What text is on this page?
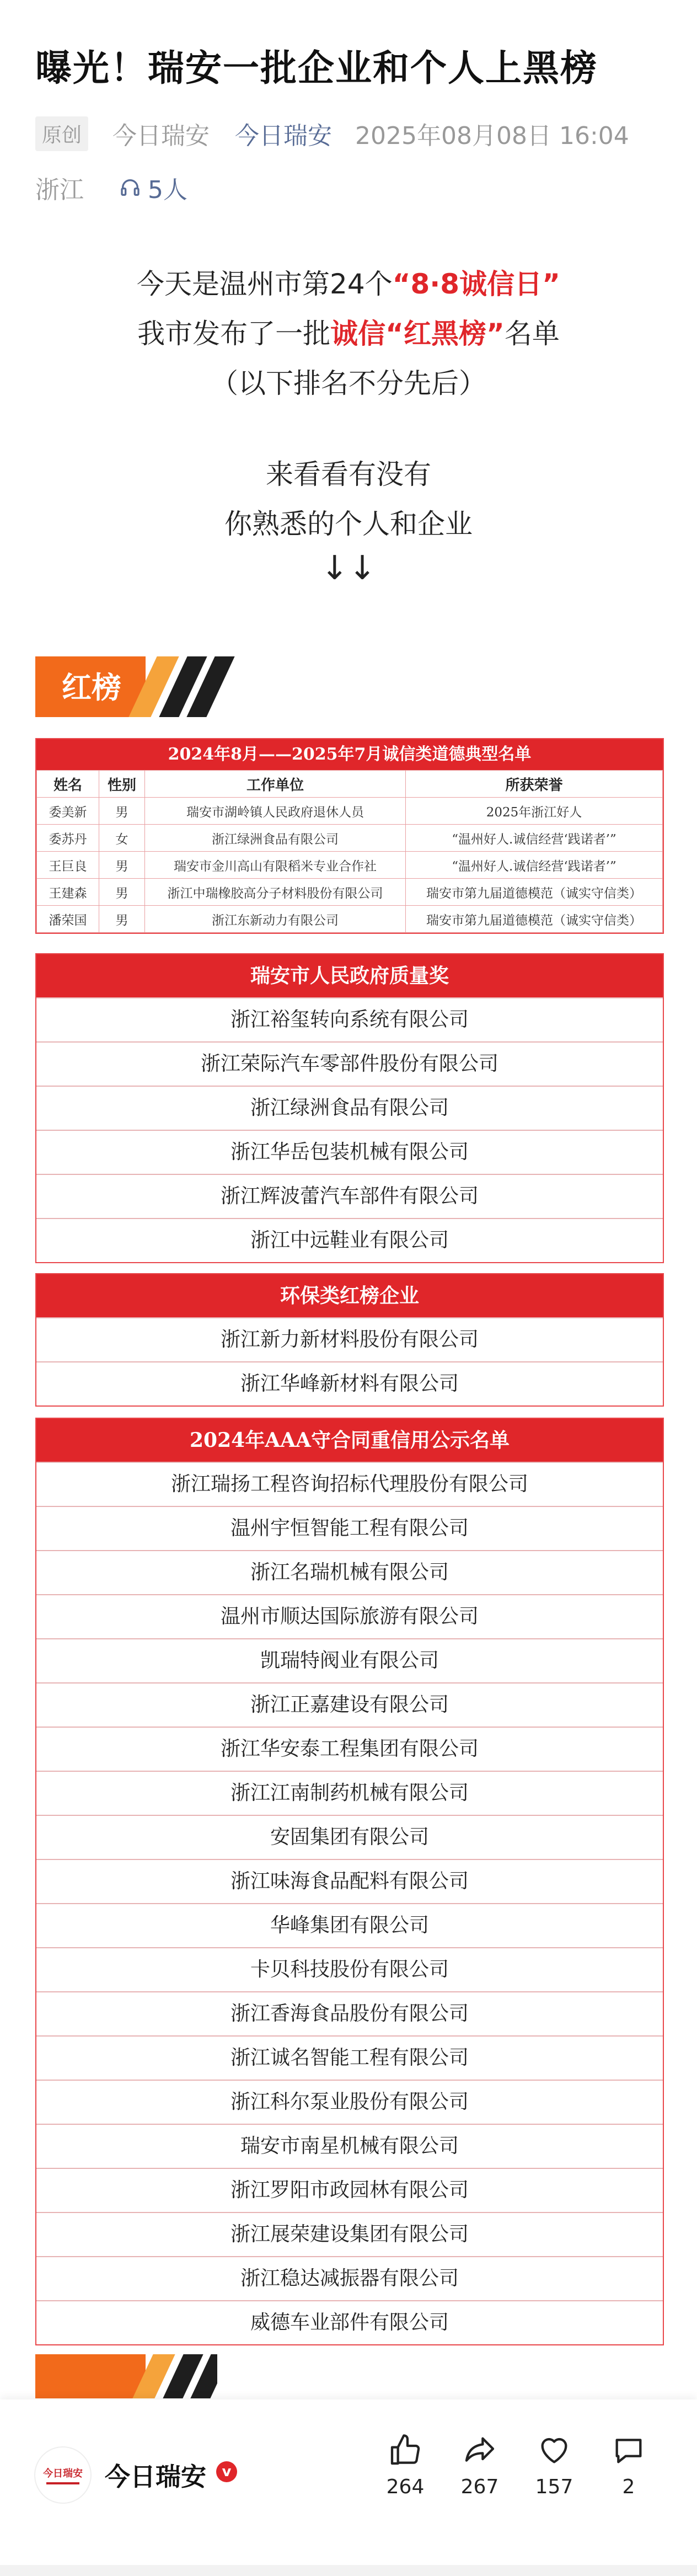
曝光！瑞安一批企业和个人上黑榜
原创 今日瑞安 今日瑞安 2025年08月08日 16:04
浙江	5人
今天是温州市第24个“8·8诚信日”
我市发布了一批诚信“红黑榜”名单
（以下排名不分先后）
来看看有没有
你熟悉的个人和企业
↓↓
红榜
2024年8月——2025年7月诚信类道德典型名单
姓名	性别	工作单位	所获荣誉
委美新	男	瑞安市湖岭镇人民政府退休人员	2025年浙江好人
委苏丹	女	浙江绿洲食品有限公司	“温州好人.诚信经营‘践诺者’”
王巨良	男	瑞安市金川高山有限稻米专业合作社	“温州好人.诚信经营‘践诺者’”
王建森	男	浙江中瑞橡胶高分子材料股份有限公司	瑞安市第九届道德模范（诚实守信类）
潘荣国	男	浙江东新动力有限公司	瑞安市第九届道德模范（诚实守信类）
瑞安市人民政府质量奖
浙江裕玺转向系统有限公司
浙江荣际汽车零部件股份有限公司
浙江绿洲食品有限公司
浙江华岳包装机械有限公司
浙江辉波蕾汽车部件有限公司
浙江中远鞋业有限公司
环保类红榜企业
浙江新力新材料股份有限公司
浙江华峰新材料有限公司
2024年AAA守合同重信用公示名单
浙江瑞扬工程咨询招标代理股份有限公司
温州宇恒智能工程有限公司
浙江名瑞机械有限公司
温州市顺达国际旅游有限公司
凯瑞特阀业有限公司
浙江正嘉建设有限公司
浙江华安泰工程集团有限公司
浙江江南制药机械有限公司
安固集团有限公司
浙江味海食品配料有限公司
华峰集团有限公司
卡贝科技股份有限公司
浙江香海食品股份有限公司
浙江诚名智能工程有限公司
浙江科尔泵业股份有限公司
瑞安市南星机械有限公司
浙江罗阳市政园林有限公司
浙江展荣建设集团有限公司
浙江稳达减振器有限公司
威德车业部件有限公司
今日瑞安 今日瑞安	v
264	267	157	2
